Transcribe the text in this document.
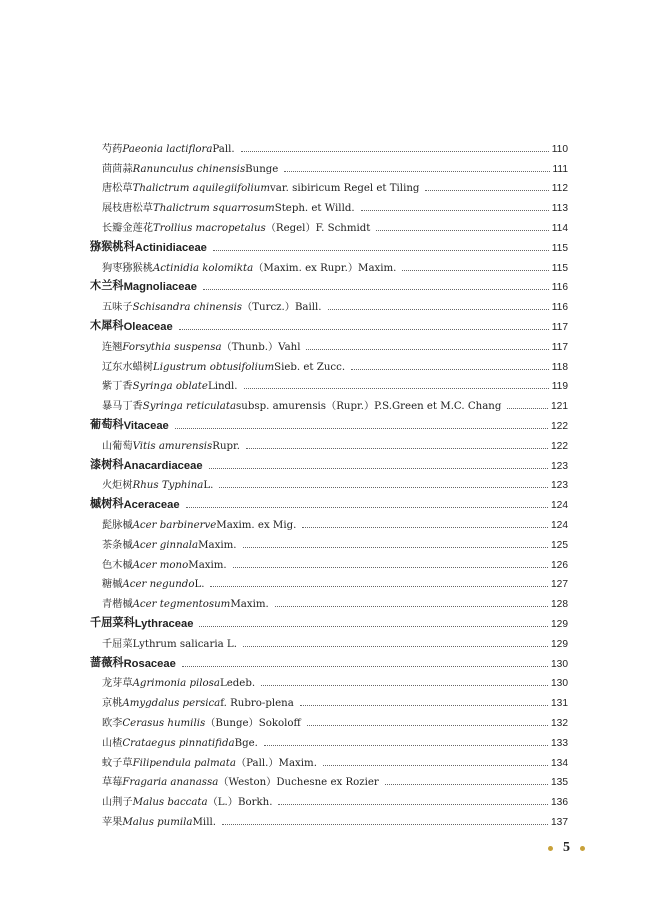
芍药 Paeonia lactiflora Pall.	110
茴茴蒜 Ranunculus chinensis Bunge	111
唐松草 Thalictrum aquilegiifolium var. sibiricum Regel et Tiling	112
展枝唐松草 Thalictrum squarrosum Steph. et Willd.	113
长瓣金莲花 Trollius macropetalus （Regel）F. Schmidt	114
猕猴桃科 Actinidiaceae	115
狗枣猕猴桃 Actinidia kolomikta （Maxim. ex Rupr.）Maxim.	115
木兰科 Magnoliaceae	116
五味子 Schisandra chinensis （Turcz.）Baill.	116
木犀科 Oleaceae	117
连翘 Forsythia suspensa （Thunb.）Vahl	117
辽东水蜡树 Ligustrum obtusifolium Sieb. et Zucc.	118
紫丁香 Syringa oblate Lindl.	119
暴马丁香 Syringa reticulata subsp. amurensis（Rupr.）P.S.Green et M.C. Chang	121
葡萄科 Vitaceae	122
山葡萄 Vitis amurensis Rupr.	122
漆树科 Anacardiaceae	123
火炬树 Rhus Typhina L.	123
槭树科 Aceraceae	124
髭脉槭 Acer barbinerve Maxim. ex Mig.	124
茶条槭 Acer ginnala Maxim.	125
色木槭 Acer mono Maxim.	126
糖槭 Acer negundo L.	127
青楷槭 Acer tegmentosum Maxim.	128
千屈菜科 Lythraceae	129
千屈菜 Lythrum salicaria L.	129
蔷薇科 Rosaceae	130
龙芽草 Agrimonia pilosa Ledeb.	130
京桃 Amygdalus persica f. Rubro-plena	131
欧李 Cerasus humilis （Bunge）Sokoloff	132
山楂 Crataegus pinnatifida Bge.	133
蚊子草 Filipendula palmata （Pall.）Maxim.	134
草莓 Fragaria ananassa （Weston）Duchesne ex Rozier	135
山荆子 Malus baccata （L.）Borkh.	136
苹果 Malus pumila Mill.	137
5
